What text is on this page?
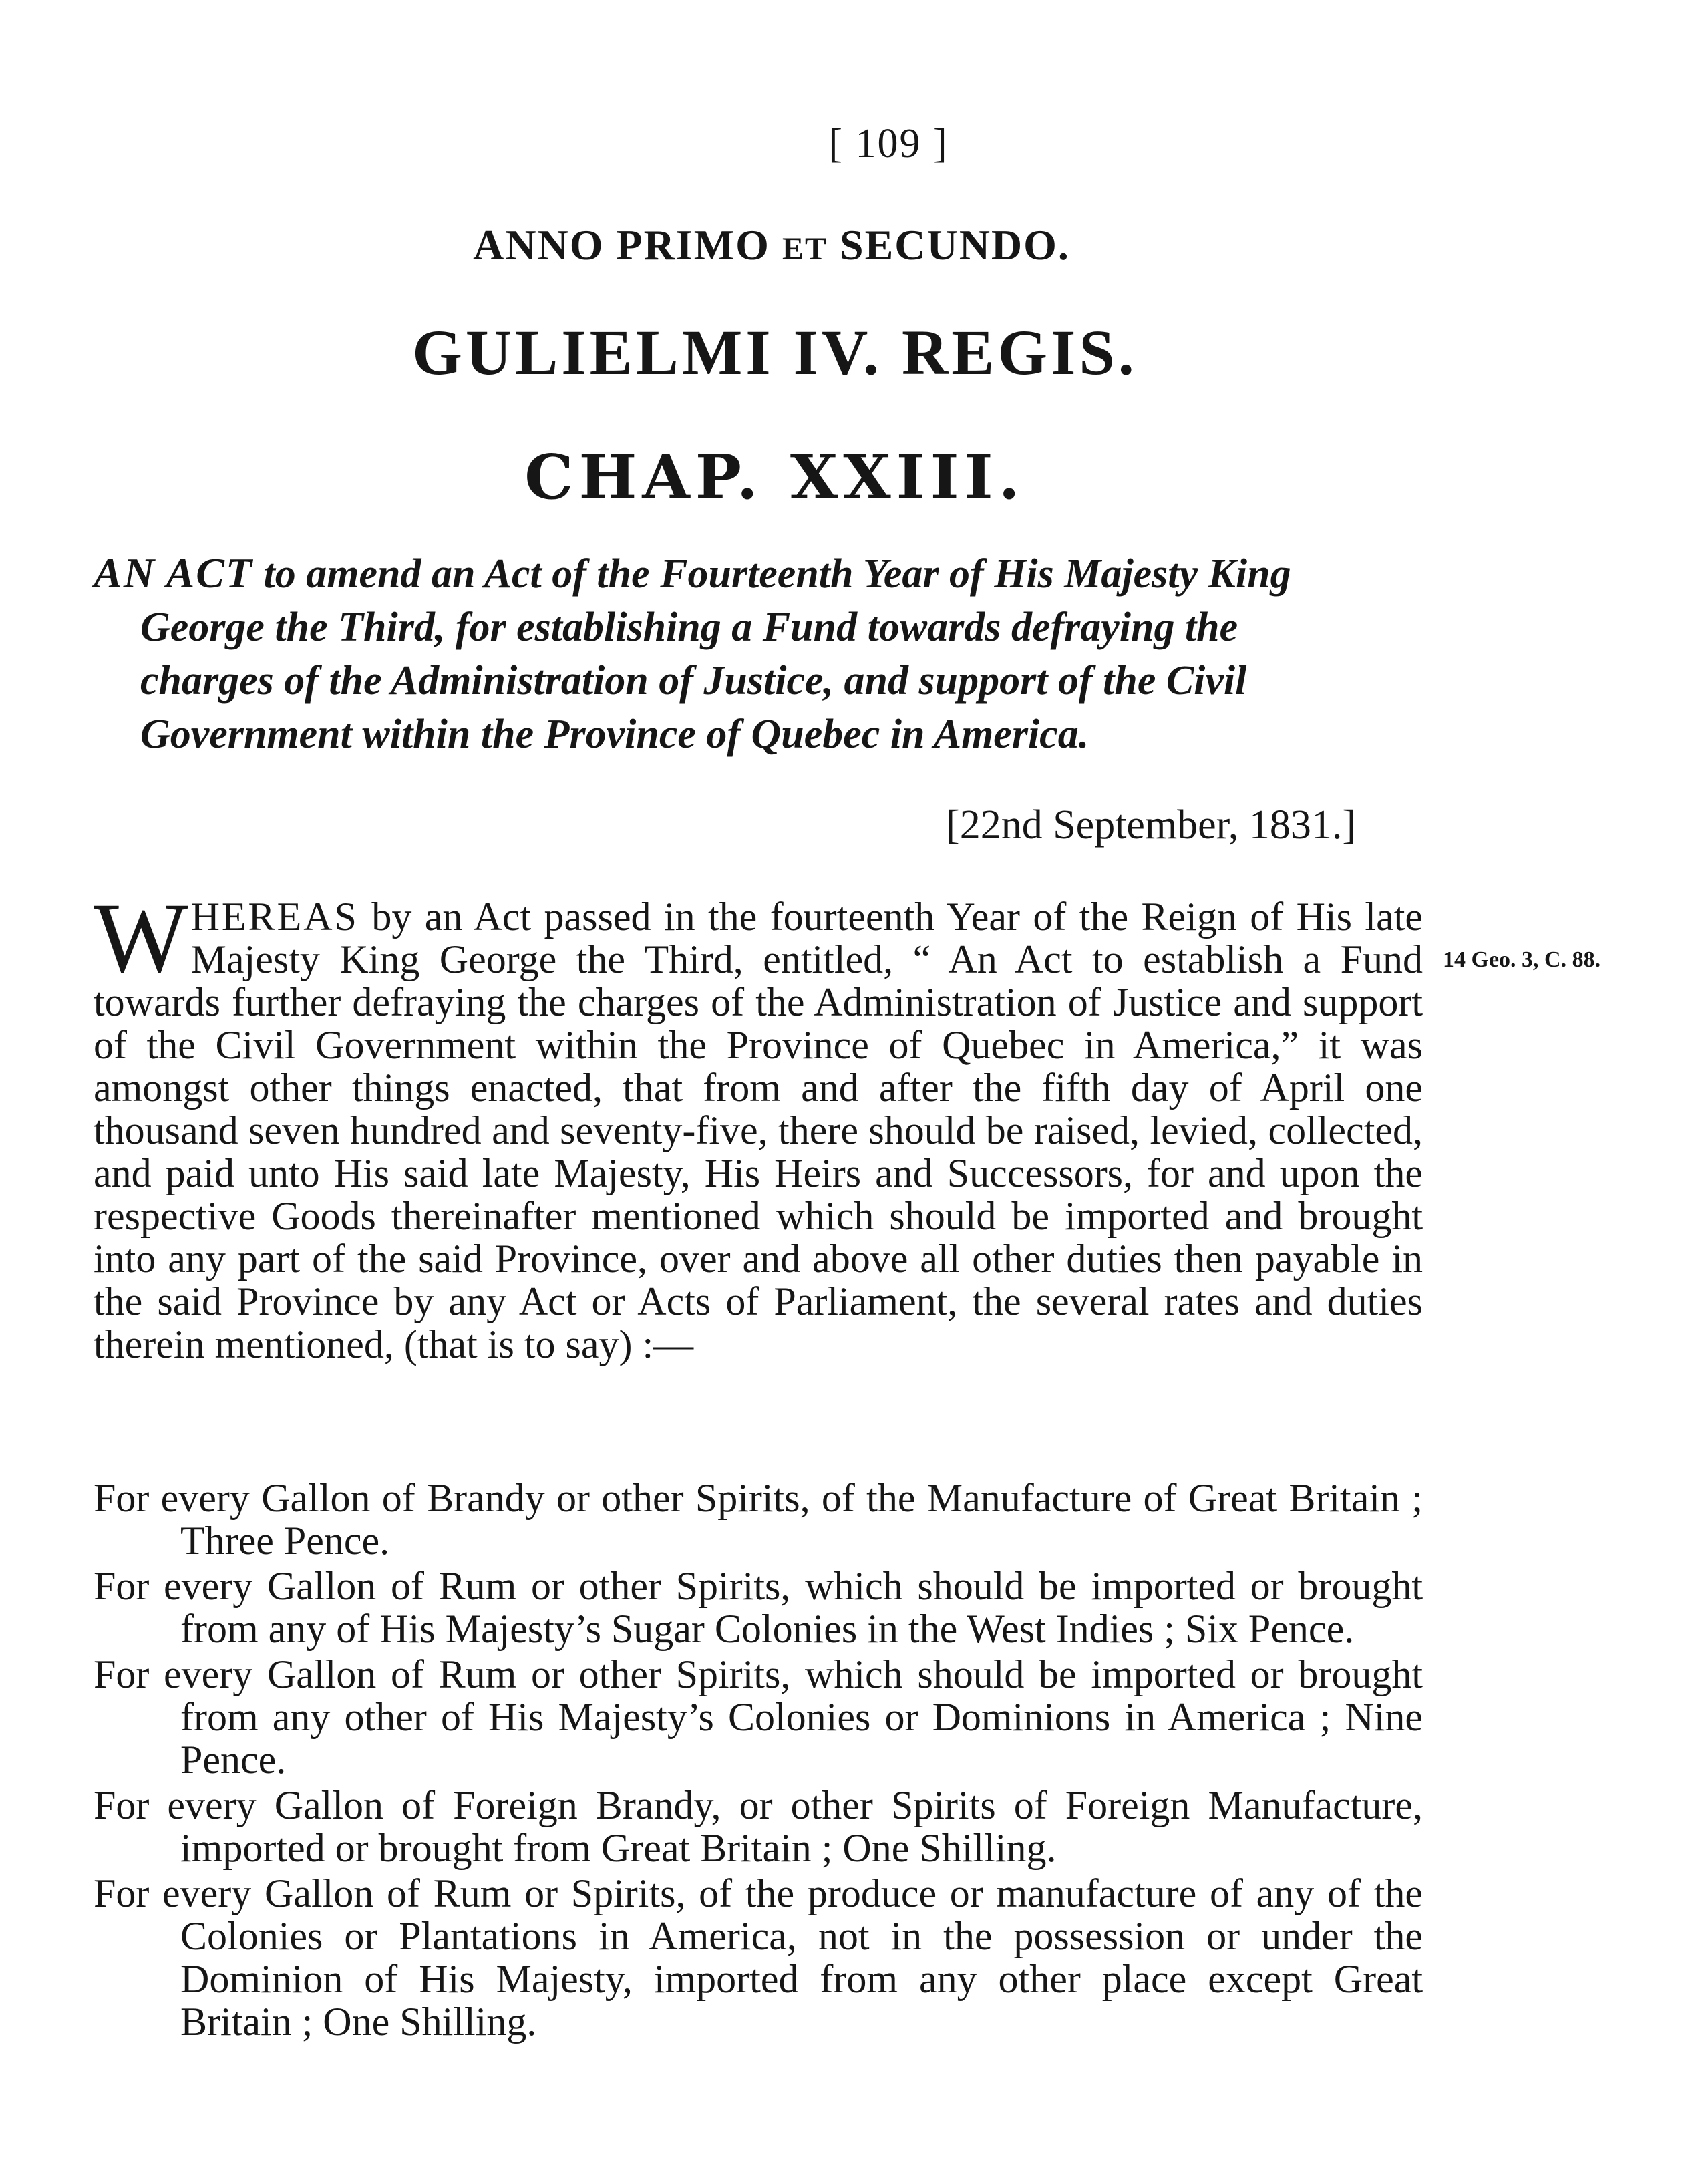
[ 109 ]
ANNO PRIMO ET SECUNDO.
GULIELMI IV. REGIS.
CHAP. XXIII.

AN ACT to amend an Act of the Fourteenth Year of His Majesty King George the Third, for establishing a Fund towards defraying the charges of the Administration of Justice, and support of the Civil Government within the Province of Quebec in America.

[22nd September, 1831.]

WHEREAS by an Act passed in the fourteenth Year of the Reign of His late Majesty King George the Third, entitled, “ An Act to establish a Fund towards further defraying the charges of the Administration of Justice and support of the Civil Government within the Province of Quebec in America,” it was amongst other things enacted, that from and after the fifth day of April one thousand seven hundred and seventy-five, there should be raised, levied, collected, and paid unto His said late Majesty, His Heirs and Successors, for and upon the respective Goods thereinafter mentioned which should be imported and brought into any part of the said Province, over and above all other duties then payable in the said Province by any Act or Acts of Parliament, the several rates and duties therein mentioned, (that is to say) :—

14 Geo. 3, C. 88.

For every Gallon of Brandy or other Spirits, of the Manufacture of Great Britain ; Three Pence.

For every Gallon of Rum or other Spirits, which should be imported or brought from any of His Majesty’s Sugar Colonies in the West Indies ; Six Pence.

For every Gallon of Rum or other Spirits, which should be imported or brought from any other of His Majesty’s Colonies or Dominions in America ; Nine Pence.

For every Gallon of Foreign Brandy, or other Spirits of Foreign Manufacture, imported or brought from Great Britain ; One Shilling.

For every Gallon of Rum or Spirits, of the produce or manufacture of any of the Colonies or Plantations in America, not in the possession or under the Dominion of His Majesty, imported from any other place except Great Britain ; One Shilling.
